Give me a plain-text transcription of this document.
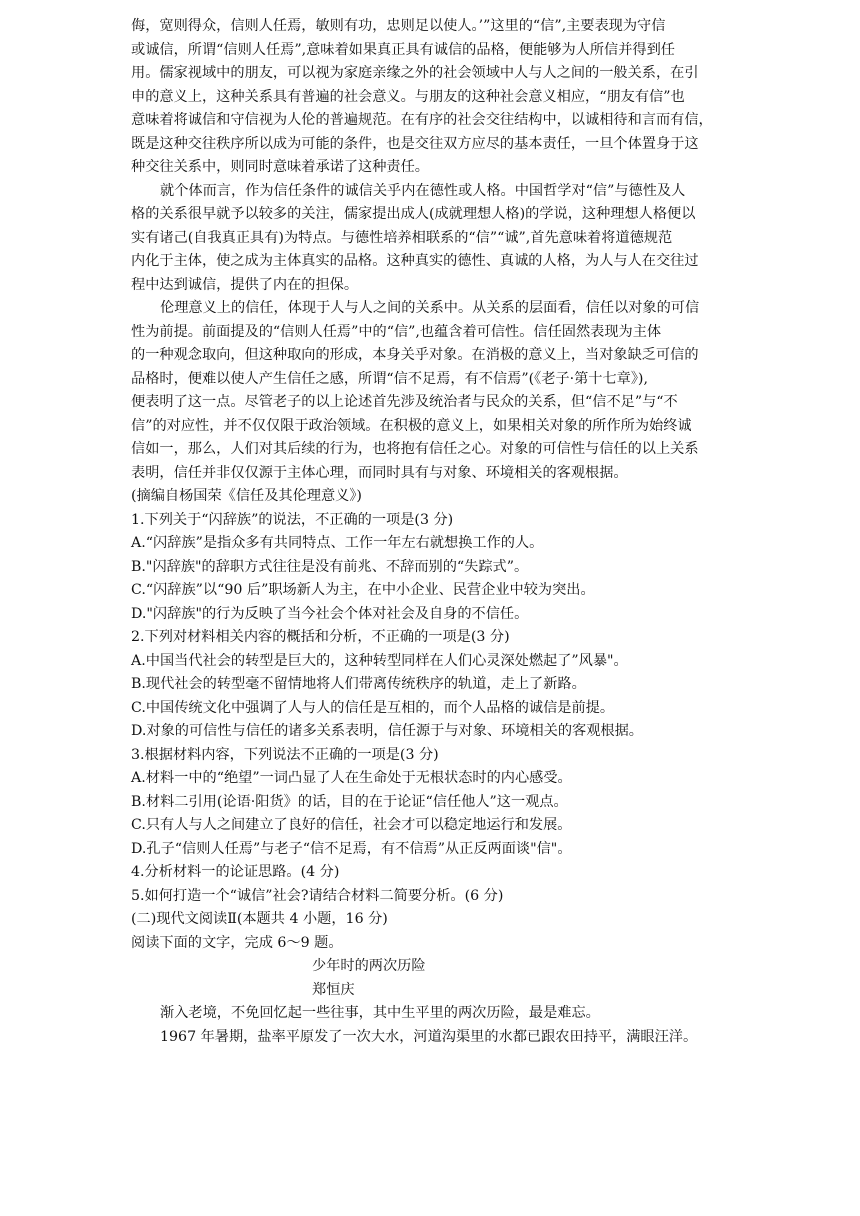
侮，宽则得众，信则人任焉，敏则有功，忠则足以使人。’”这里的“信”,主要表现为守信
或诚信，所谓“信则人任焉”,意味着如果真正具有诚信的品格，便能够为人所信并得到任
用。儒家视域中的朋友，可以视为家庭亲缘之外的社会领域中人与人之间的一般关系，在引
申的意义上，这种关系具有普遍的社会意义。与朋友的这种社会意义相应，“朋友有信”也
意味着将诚信和守信视为人伦的普遍规范。在有序的社会交往结构中，以诚相待和言而有信，
既是这种交往秩序所以成为可能的条件，也是交往双方应尽的基本责任，一旦个体置身于这
种交往关系中，则同时意味着承诺了这种责任。
就个体而言，作为信任条件的诚信关乎内在德性或人格。中国哲学对“信”与德性及人
格的关系很早就予以较多的关注，儒家提出成人(成就理想人格)的学说，这种理想人格便以
实有诸己(自我真正具有)为特点。与德性培养相联系的“信”“诚”,首先意味着将道德规范
内化于主体，使之成为主体真实的品格。这种真实的德性、真诚的人格，为人与人在交往过
程中达到诚信，提供了内在的担保。
伦理意义上的信任，体现于人与人之间的关系中。从关系的层面看，信任以对象的可信
性为前提。前面提及的“信则人任焉”中的“信”,也蕴含着可信性。信任固然表现为主体
的一种观念取向，但这种取向的形成，本身关乎对象。在消极的意义上，当对象缺乏可信的
品格时，便难以使人产生信任之感，所谓“信不足焉，有不信焉”(《老子·第十七章》),
便表明了这一点。尽管老子的以上论述首先涉及统治者与民众的关系，但“信不足”与“不
信”的对应性，并不仅仅限于政治领域。在积极的意义上，如果相关对象的所作所为始终诚
信如一，那么，人们对其后续的行为，也将抱有信任之心。对象的可信性与信任的以上关系
表明，信任并非仅仅源于主体心理，而同时具有与对象、环境相关的客观根据。
(摘编自杨国荣《信任及其伦理意义》)
1.下列关于“闪辞族”的说法，不正确的一项是(3 分)
A.“闪辞族”是指众多有共同特点、工作一年左右就想换工作的人。
B."闪辞族"的辞职方式往往是没有前兆、不辞而别的“失踪式”。
C.“闪辞族”以“90 后”职场新人为主，在中小企业、民营企业中较为突出。
D."闪辞族"的行为反映了当今社会个体对社会及自身的不信任。
2.下列对材料相关内容的概括和分析，不正确的一项是(3 分)
A.中国当代社会的转型是巨大的，这种转型同样在人们心灵深处燃起了”风暴"。
B.现代社会的转型毫不留情地将人们带离传统秩序的轨道，走上了新路。
C.中国传统文化中强调了人与人的信任是互相的，而个人品格的诚信是前提。
D.对象的可信性与信任的诸多关系表明，信任源于与对象、环境相关的客观根据。
3.根据材料内容，下列说法不正确的一项是(3 分)
A.材料一中的“绝望”一词凸显了人在生命处于无根状态时的内心感受。
B.材料二引用(论语·阳货》的话，目的在于论证“信任他人”这一观点。
C.只有人与人之间建立了良好的信任，社会才可以稳定地运行和发展。
D.孔子“信则人任焉”与老子“信不足焉，有不信焉”从正反两面谈"信"。
4.分析材料一的论证思路。(4 分)
5.如何打造一个“诚信”社会?请结合材料二简要分析。(6 分)
(二)现代文阅读Ⅱ(本题共 4 小题，16 分)
阅读下面的文字，完成 6～9 题。
少年时的两次历险
郑恒庆
渐入老境，不免回忆起一些往事，其中生平里的两次历险，最是难忘。
1967 年暑期，盐率平原发了一次大水，河道沟渠里的水都已跟农田持平，满眼汪洋。
